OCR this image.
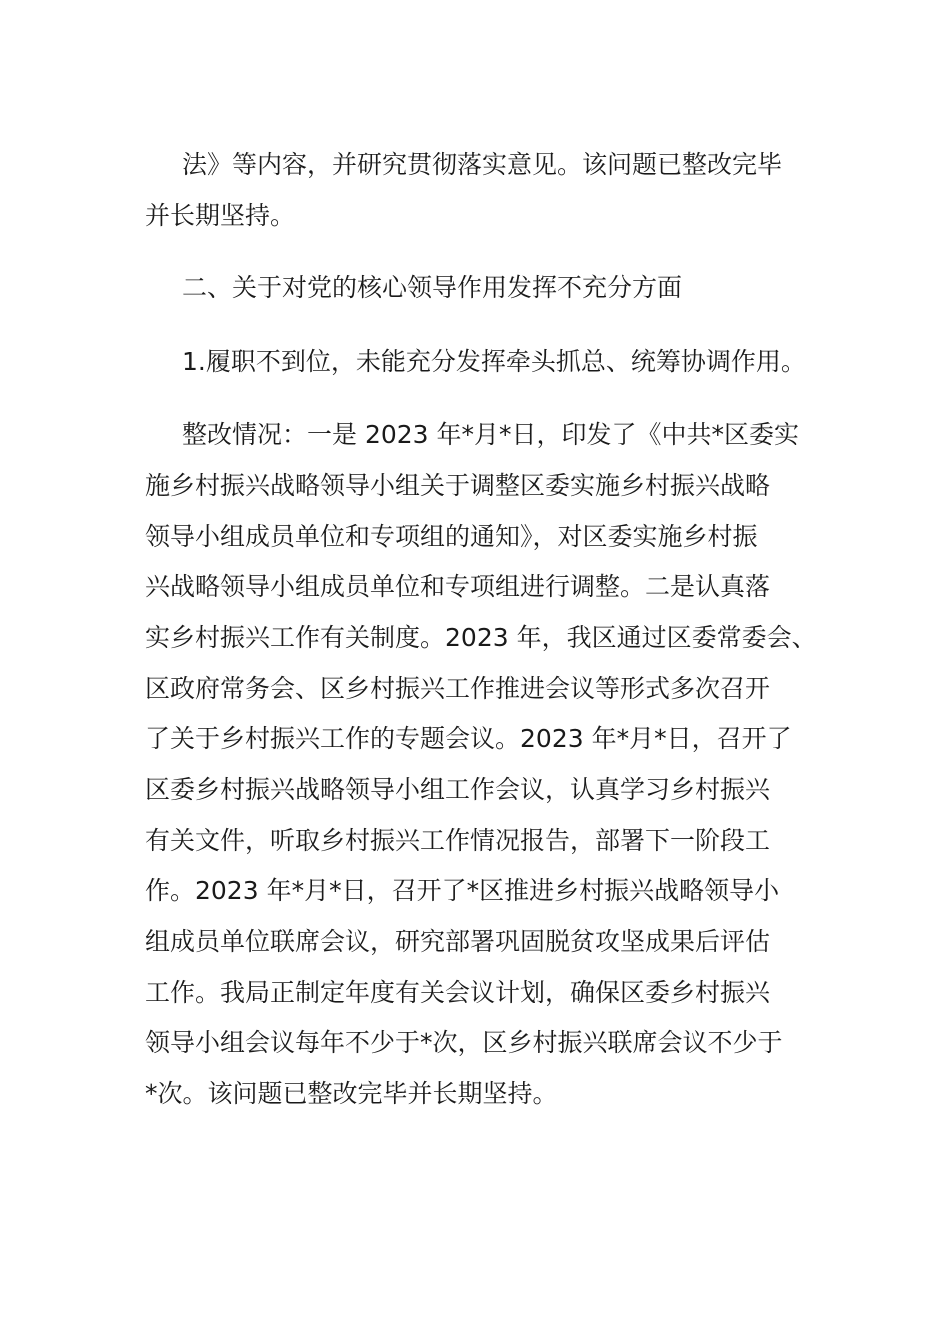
法》等内容，并研究贯彻落实意见。该问题已整改完毕
并长期坚持。
二、关于对党的核心领导作用发挥不充分方面
1.履职不到位，未能充分发挥牵头抓总、统筹协调作用。
整改情况：一是 2023 年*月*日，印发了《中共*区委实
施乡村振兴战略领导小组关于调整区委实施乡村振兴战略
领导小组成员单位和专项组的通知》，对区委实施乡村振
兴战略领导小组成员单位和专项组进行调整。二是认真落
实乡村振兴工作有关制度。2023 年，我区通过区委常委会、
区政府常务会、区乡村振兴工作推进会议等形式多次召开
了关于乡村振兴工作的专题会议。2023 年*月*日，召开了
区委乡村振兴战略领导小组工作会议，认真学习乡村振兴
有关文件，听取乡村振兴工作情况报告，部署下一阶段工
作。2023 年*月*日，召开了*区推进乡村振兴战略领导小
组成员单位联席会议，研究部署巩固脱贫攻坚成果后评估
工作。我局正制定年度有关会议计划，确保区委乡村振兴
领导小组会议每年不少于*次，区乡村振兴联席会议不少于
*次。该问题已整改完毕并长期坚持。
